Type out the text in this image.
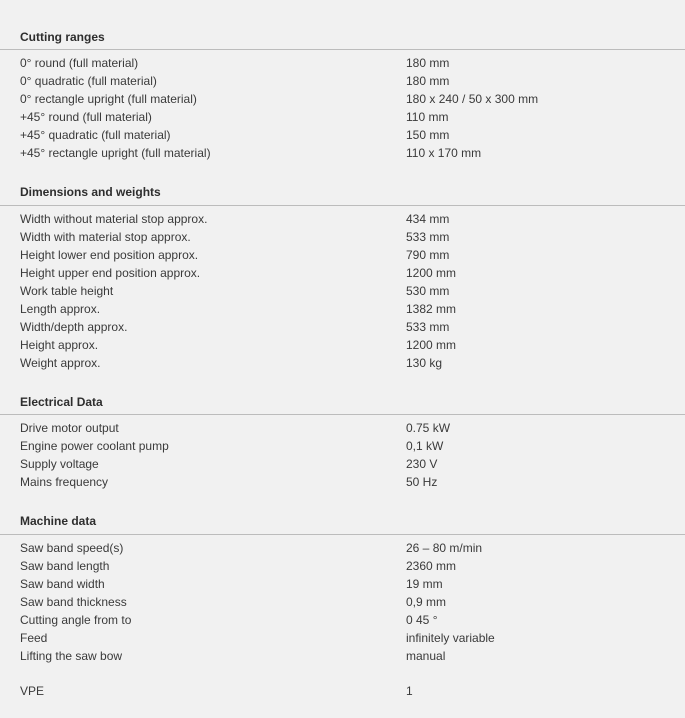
Cutting ranges
0° round (full material)	180 mm
0° quadratic (full material)	180 mm
0° rectangle upright (full material)	180 x 240 / 50 x 300 mm
+45° round (full material)	110 mm
+45° quadratic (full material)	150 mm
+45° rectangle upright (full material)	110 x 170 mm
Dimensions and weights
Width without material stop approx.	434 mm
Width with material stop approx.	533 mm
Height lower end position approx.	790 mm
Height upper end position approx.	1200 mm
Work table height	530 mm
Length approx.	1382 mm
Width/depth approx.	533 mm
Height approx.	1200 mm
Weight approx.	130 kg
Electrical Data
Drive motor output	0.75 kW
Engine power coolant pump	0,1 kW
Supply voltage	230 V
Mains frequency	50 Hz
Machine data
Saw band speed(s)	26 – 80 m/min
Saw band length	2360 mm
Saw band width	19 mm
Saw band thickness	0,9 mm
Cutting angle from to	0 45 °
Feed	infinitely variable
Lifting the saw bow	manual
VPE	1
